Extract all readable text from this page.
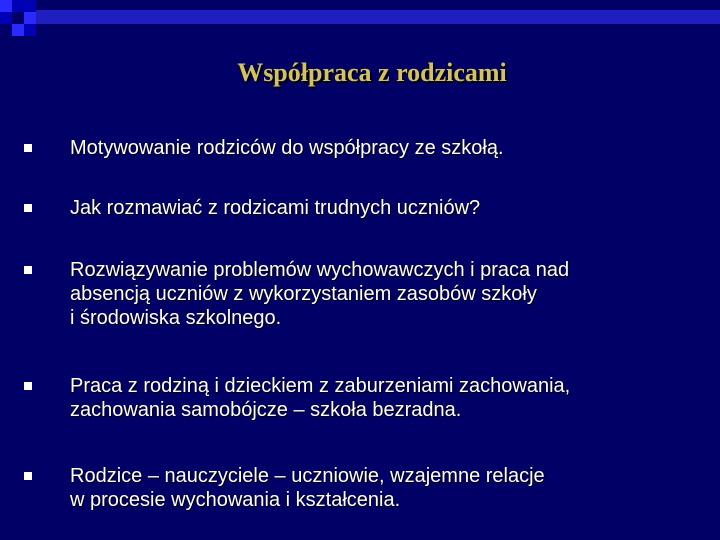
Współpraca z rodzicami
Motywowanie rodziców do współpracy ze szkołą.
Jak rozmawiać z rodzicami trudnych uczniów?
Rozwiązywanie problemów wychowawczych i praca nad
absencją uczniów z wykorzystaniem zasobów szkoły
i środowiska szkolnego.
Praca z rodziną i dzieckiem z zaburzeniami zachowania,
zachowania samobójcze – szkoła bezradna.
Rodzice – nauczyciele – uczniowie, wzajemne relacje
w procesie wychowania i kształcenia.
